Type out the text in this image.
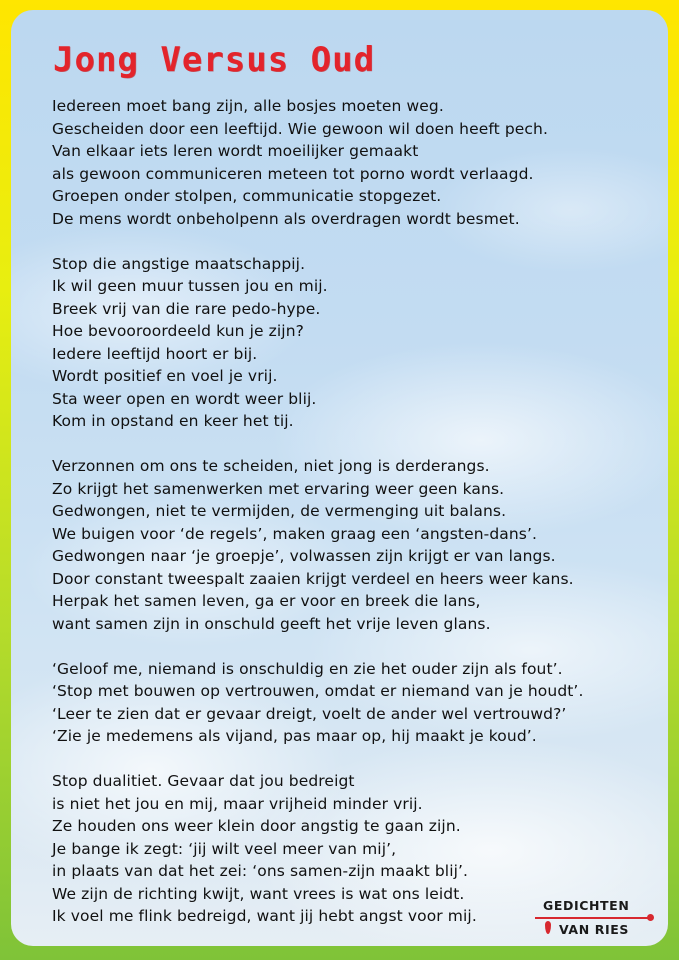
Jong Versus Oud
Iedereen moet bang zijn, alle bosjes moeten weg.
Gescheiden door een leeftijd. Wie gewoon wil doen heeft pech.
Van elkaar iets leren wordt moeilijker gemaakt
als gewoon communiceren meteen tot porno wordt verlaagd.
Groepen onder stolpen, communicatie stopgezet.
De mens wordt onbeholpenn als overdragen wordt besmet.
Stop die angstige maatschappij.
Ik wil geen muur tussen jou en mij.
Breek vrij van die rare pedo-hype.
Hoe bevooroordeeld kun je zijn?
Iedere leeftijd hoort er bij.
Wordt positief en voel je vrij.
Sta weer open en wordt weer blij.
Kom in opstand en keer het tij.
Verzonnen om ons te scheiden, niet jong is derderangs.
Zo krijgt het samenwerken met ervaring weer geen kans.
Gedwongen, niet te vermijden, de vermenging uit balans.
We buigen voor ‘de regels’, maken graag een ‘angsten-dans’.
Gedwongen naar ‘je groepje’, volwassen zijn krijgt er van langs.
Door constant tweespalt zaaien krijgt verdeel en heers weer kans.
Herpak het samen leven, ga er voor en breek die lans,
want samen zijn in onschuld geeft het vrije leven glans.
‘Geloof me, niemand is onschuldig en zie het ouder zijn als fout’.
‘Stop met bouwen op vertrouwen, omdat er niemand van je houdt’.
‘Leer te zien dat er gevaar dreigt, voelt de ander wel vertrouwd?’
‘Zie je medemens als vijand, pas maar op, hij maakt je koud’.
Stop dualitiet. Gevaar dat jou bedreigt
is niet het jou en mij, maar vrijheid minder vrij.
Ze houden ons weer klein door angstig te gaan zijn.
Je bange ik zegt: ‘jij wilt veel meer van mij’,
in plaats van dat het zei: ‘ons samen-zijn maakt blij’.
We zijn de richting kwijt, want vrees is wat ons leidt.
Ik voel me flink bedreigd, want jij hebt angst voor mij.
GEDICHTEN
VAN RIES
